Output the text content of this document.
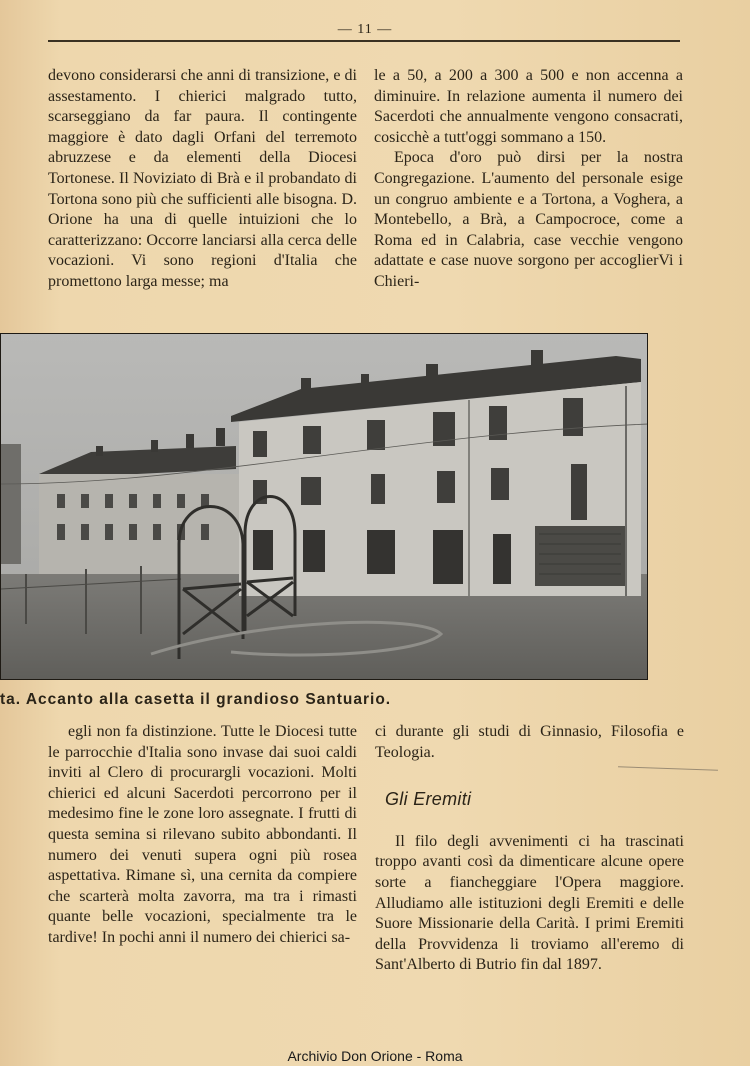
— 11 —

devono considerarsi che anni di transizione, e di assestamento. I chierici malgrado tutto, scarseggiano da far paura. Il contingente maggiore è dato dagli Orfani del terremoto abruzzese e da elementi della Diocesi Tortonese. Il Noviziato di Brà e il probandato di Tortona sono più che sufficienti alle bisogna. D. Orione ha una di quelle intuizioni che lo caratterizzano: Occorre lanciarsi alla cerca delle vocazioni. Vi sono regioni d'Italia che promettono larga messe; ma

le a 50, a 200 a 300 a 500 e non accenna a diminuire. In relazione aumenta il numero dei Sacerdoti che annualmente vengono consacrati, cosicchè a tutt'oggi sommano a 150.

Epoca d'oro può dirsi per la nostra Congregazione. L'aumento del personale esige un congruo ambiente e a Tortona, a Voghera, a Montebello, a Brà, a Campocroce, come a Roma ed in Calabria, case vecchie vengono adattate e case nuove sorgono per accoglierVi i Chieri-

ta. Accanto alla casetta il grandioso Santuario.

egli non fa distinzione. Tutte le Diocesi tutte le parrocchie d'Italia sono invase dai suoi caldi inviti al Clero di procurargli vocazioni. Molti chierici ed alcuni Sacerdoti percorrono per il medesimo fine le zone loro assegnate. I frutti di questa semina si rilevano subito abbondanti. Il numero dei venuti supera ogni più rosea aspettativa. Rimane sì, una cernita da compiere che scarterà molta zavorra, ma tra i rimasti quante belle vocazioni, specialmente tra le tardive! In pochi anni il numero dei chierici sa-

ci durante gli studi di Ginnasio, Filosofia e Teologia.

Gli Eremiti

Il filo degli avvenimenti ci ha trascinati troppo avanti così da dimenticare alcune opere sorte a fiancheggiare l'Opera maggiore. Alludiamo alle istituzioni degli Eremiti e delle Suore Missionarie della Carità. I primi Eremiti della Provvidenza li troviamo all'eremo di Sant'Alberto di Butrio fin dal 1897.

Archivio Don Orione - Roma
